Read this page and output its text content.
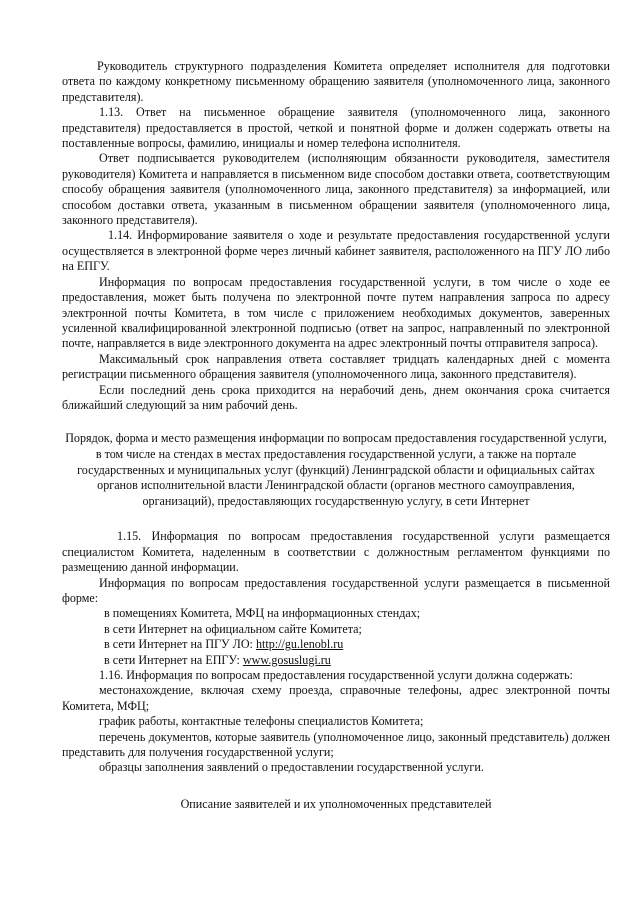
Руководитель структурного подразделения Комитета определяет исполнителя для подготовки ответа по каждому конкретному письменному обращению заявителя (уполномоченного лица, законного представителя).

1.13. Ответ на письменное обращение заявителя (уполномоченного лица, законного представителя) предоставляется в простой, четкой и понятной форме и должен содержать ответы на поставленные вопросы, фамилию, инициалы и номер телефона исполнителя.

Ответ подписывается руководителем (исполняющим обязанности руководителя, заместителя руководителя) Комитета и направляется в письменном виде способом доставки ответа, соответствующим способу обращения заявителя (уполномоченного лица, законного представителя) за информацией, или способом доставки ответа, указанным в письменном обращении заявителя (уполномоченного лица, законного представителя).

1.14. Информирование заявителя о ходе и результате предоставления государственной услуги осуществляется в электронной форме через личный кабинет заявителя, расположенного на ПГУ ЛО либо на ЕПГУ.

Информация по вопросам предоставления государственной услуги, в том числе о ходе ее предоставления, может быть получена по электронной почте путем направления запроса по адресу электронной почты Комитета, в том числе с приложением необходимых документов, заверенных усиленной квалифицированной электронной подписью (ответ на запрос, направленный по электронной почте, направляется в виде электронного документа на адрес электронный почты отправителя запроса).

Максимальный срок направления ответа составляет тридцать календарных дней с момента регистрации письменного обращения заявителя (уполномоченного лица, законного представителя).

Если последний день срока приходится на нерабочий день, днем окончания срока считается ближайший следующий за ним рабочий день.

Порядок, форма и место размещения информации по вопросам предоставления государственной услуги, в том числе на стендах в местах предоставления государственной услуги, а также на портале государственных и муниципальных услуг (функций) Ленинградской области и официальных сайтах органов исполнительной власти Ленинградской области (органов местного самоуправления, организаций), предоставляющих государственную услугу, в сети Интернет

1.15. Информация по вопросам предоставления государственной услуги размещается специалистом Комитета, наделенным в соответствии с должностным регламентом функциями по размещению данной информации.

Информация по вопросам предоставления государственной услуги размещается в письменной форме:

в помещениях Комитета, МФЦ на информационных стендах;

в сети Интернет на официальном сайте Комитета;

в сети Интернет на ПГУ ЛО: http://gu.lenobl.ru

в сети Интернет на ЕПГУ: www.gosuslugi.ru

1.16. Информация по вопросам предоставления государственной услуги должна содержать:

местонахождение, включая схему проезда, справочные телефоны, адрес электронной почты Комитета, МФЦ;

график работы, контактные телефоны специалистов Комитета;

перечень документов, которые заявитель (уполномоченное лицо, законный представитель) должен представить для получения государственной услуги;

образцы заполнения заявлений о предоставлении государственной услуги.

Описание заявителей и их уполномоченных представителей
